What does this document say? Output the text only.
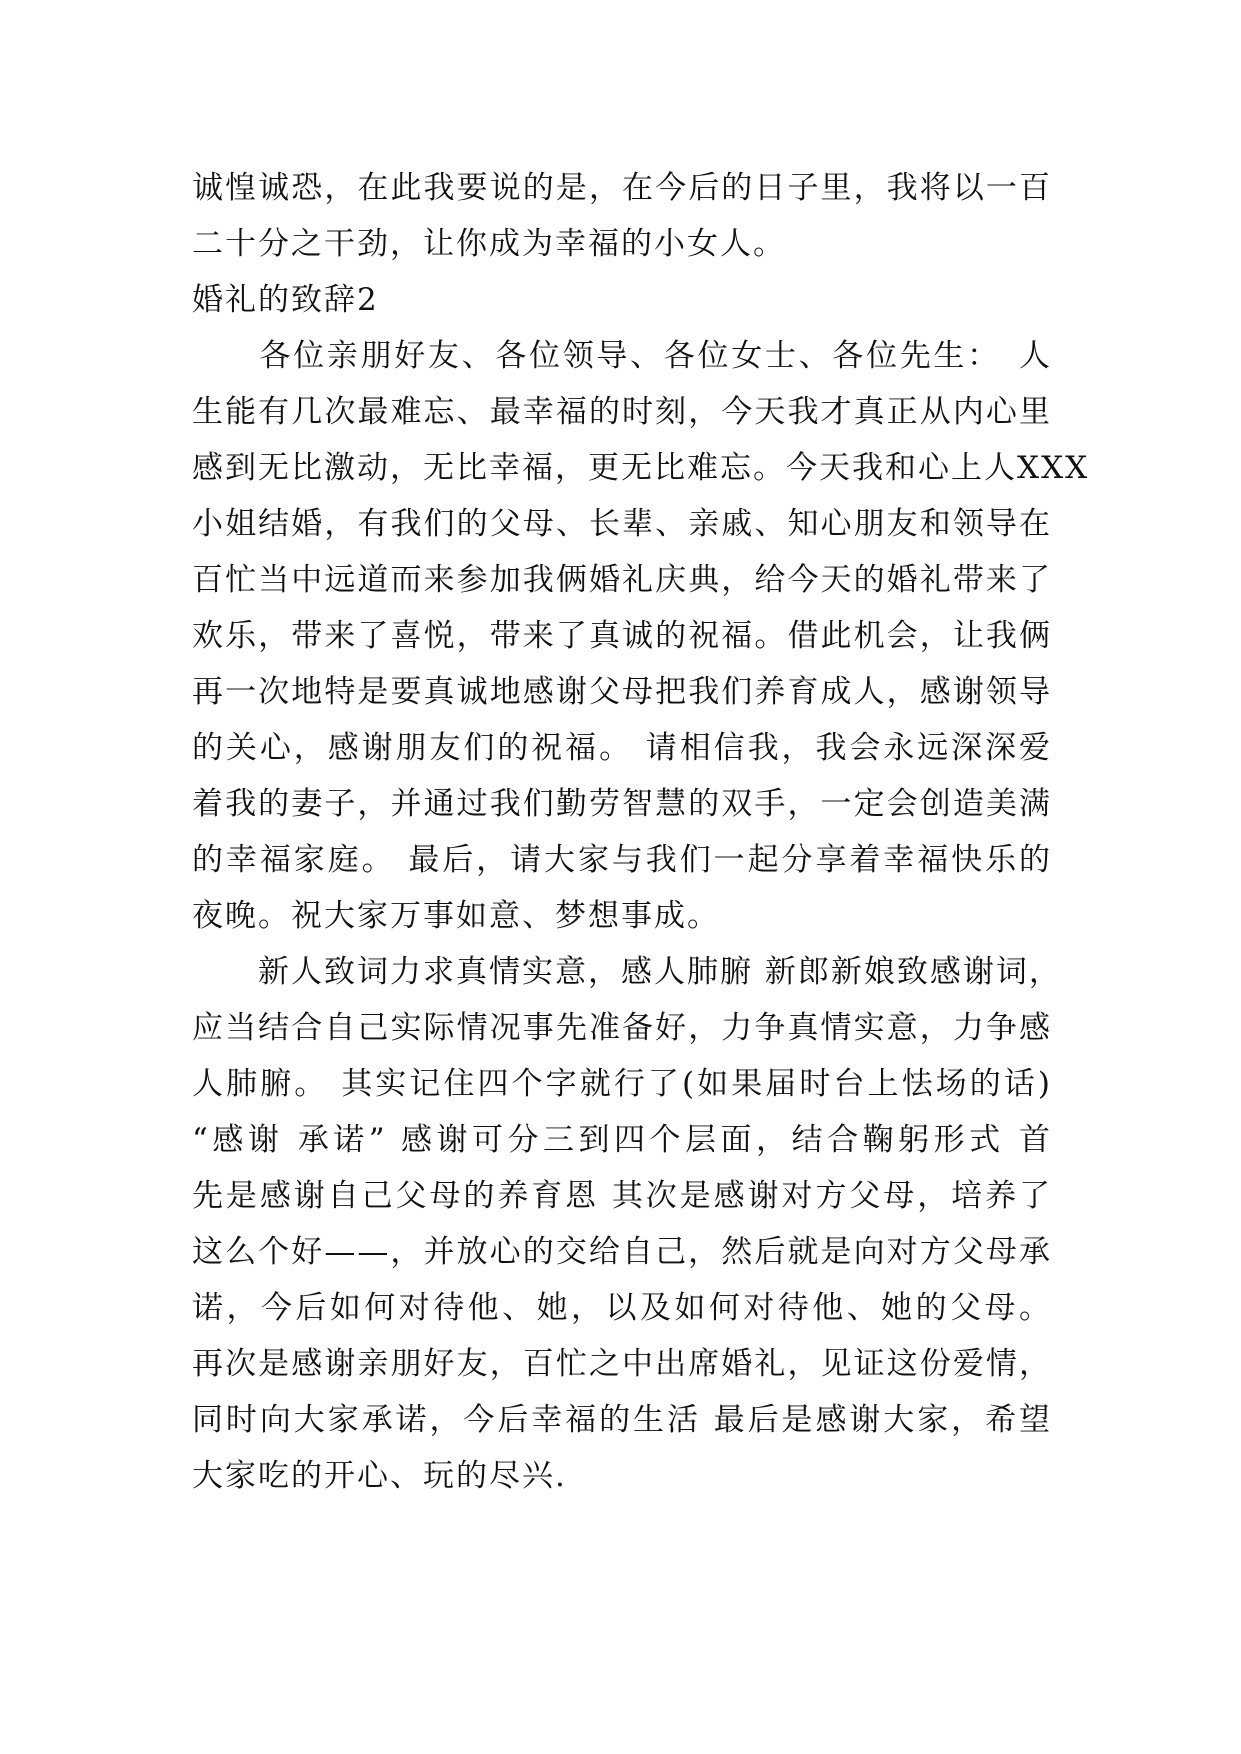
诚惶诚恐，在此我要说的是，在今后的日子里，我将以一百
二十分之干劲，让你成为幸福的小女人。
婚礼的致辞2
　　各位亲朋好友、各位领导、各位女士、各位先生：　人
生能有几次最难忘、最幸福的时刻，今天我才真正从内心里
感到无比激动，无比幸福，更无比难忘。今天我和心上人XXX
小姐结婚，有我们的父母、长辈、亲戚、知心朋友和领导在
百忙当中远道而来参加我俩婚礼庆典，给今天的婚礼带来了
欢乐，带来了喜悦，带来了真诚的祝福。借此机会，让我俩
再一次地特是要真诚地感谢父母把我们养育成人，感谢领导
的关心，感谢朋友们的祝福。 请相信我，我会永远深深爱
着我的妻子，并通过我们勤劳智慧的双手，一定会创造美满
的幸福家庭。 最后，请大家与我们一起分享着幸福快乐的
夜晚。祝大家万事如意、梦想事成。
　　新人致词力求真情实意，感人肺腑 新郎新娘致感谢词，
应当结合自己实际情况事先准备好，力争真情实意，力争感
人肺腑。 其实记住四个字就行了(如果届时台上怯场的话)
“感谢 承诺” 感谢可分三到四个层面，结合鞠躬形式 首
先是感谢自己父母的养育恩 其次是感谢对方父母，培养了
这么个好——，并放心的交给自己，然后就是向对方父母承
诺，今后如何对待他、她，以及如何对待他、她的父母。
再次是感谢亲朋好友，百忙之中出席婚礼，见证这份爱情，
同时向大家承诺，今后幸福的生活 最后是感谢大家，希望
大家吃的开心、玩的尽兴.
